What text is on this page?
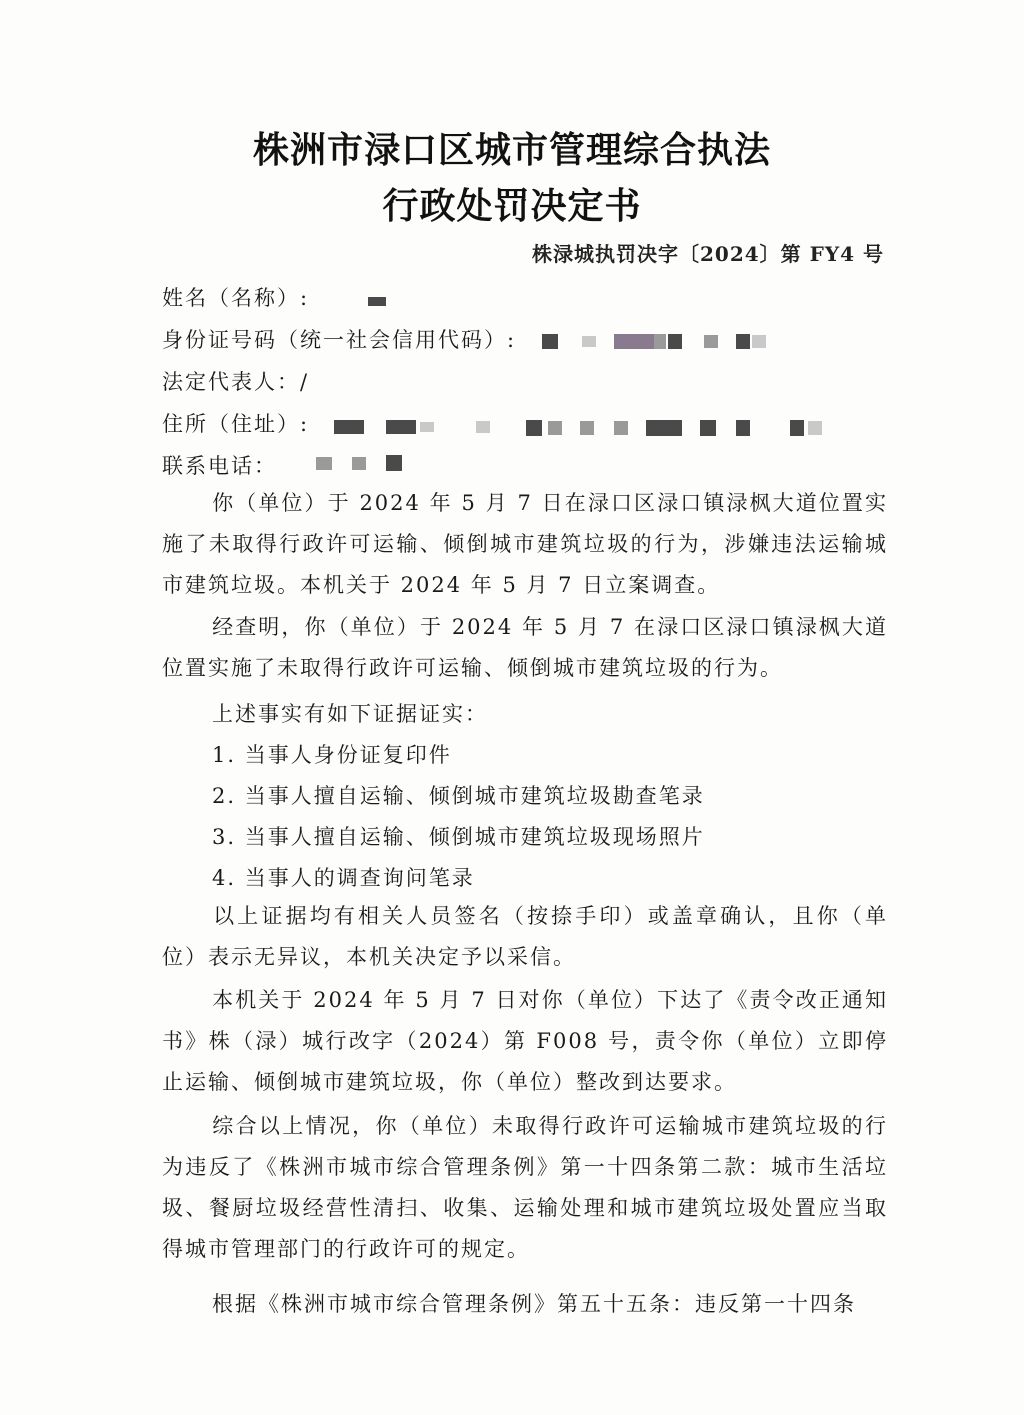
株洲市渌口区城市管理综合执法
行政处罚决定书
株渌城执罚决字〔2024〕第 FY4 号
姓名（名称）:
身份证号码（统一社会信用代码）:
法定代表人：/
住所（住址）:
联系电话：
你（单位）于 2024 年 5 月 7 日在渌口区渌口镇渌枫大道位置实施了未取得行政许可运输、倾倒城市建筑垃圾的行为，涉嫌违法运输城市建筑垃圾。本机关于 2024 年 5 月 7 日立案调查。
经查明，你（单位）于 2024 年 5 月 7 在渌口区渌口镇渌枫大道位置实施了未取得行政许可运输、倾倒城市建筑垃圾的行为。
上述事实有如下证据证实：
1. 当事人身份证复印件
2. 当事人擅自运输、倾倒城市建筑垃圾勘查笔录
3. 当事人擅自运输、倾倒城市建筑垃圾现场照片
4. 当事人的调查询问笔录
以上证据均有相关人员签名（按捺手印）或盖章确认，且你（单位）表示无异议，本机关决定予以采信。
本机关于 2024 年 5 月 7 日对你（单位）下达了《责令改正通知书》株（渌）城行改字（2024）第 F008 号，责令你（单位）立即停止运输、倾倒城市建筑垃圾，你（单位）整改到达要求。
综合以上情况，你（单位）未取得行政许可运输城市建筑垃圾的行为违反了《株洲市城市综合管理条例》第一十四条第二款：城市生活垃圾、餐厨垃圾经营性清扫、收集、运输处理和城市建筑垃圾处置应当取得城市管理部门的行政许可的规定。
根据《株洲市城市综合管理条例》第五十五条：违反第一十四条
